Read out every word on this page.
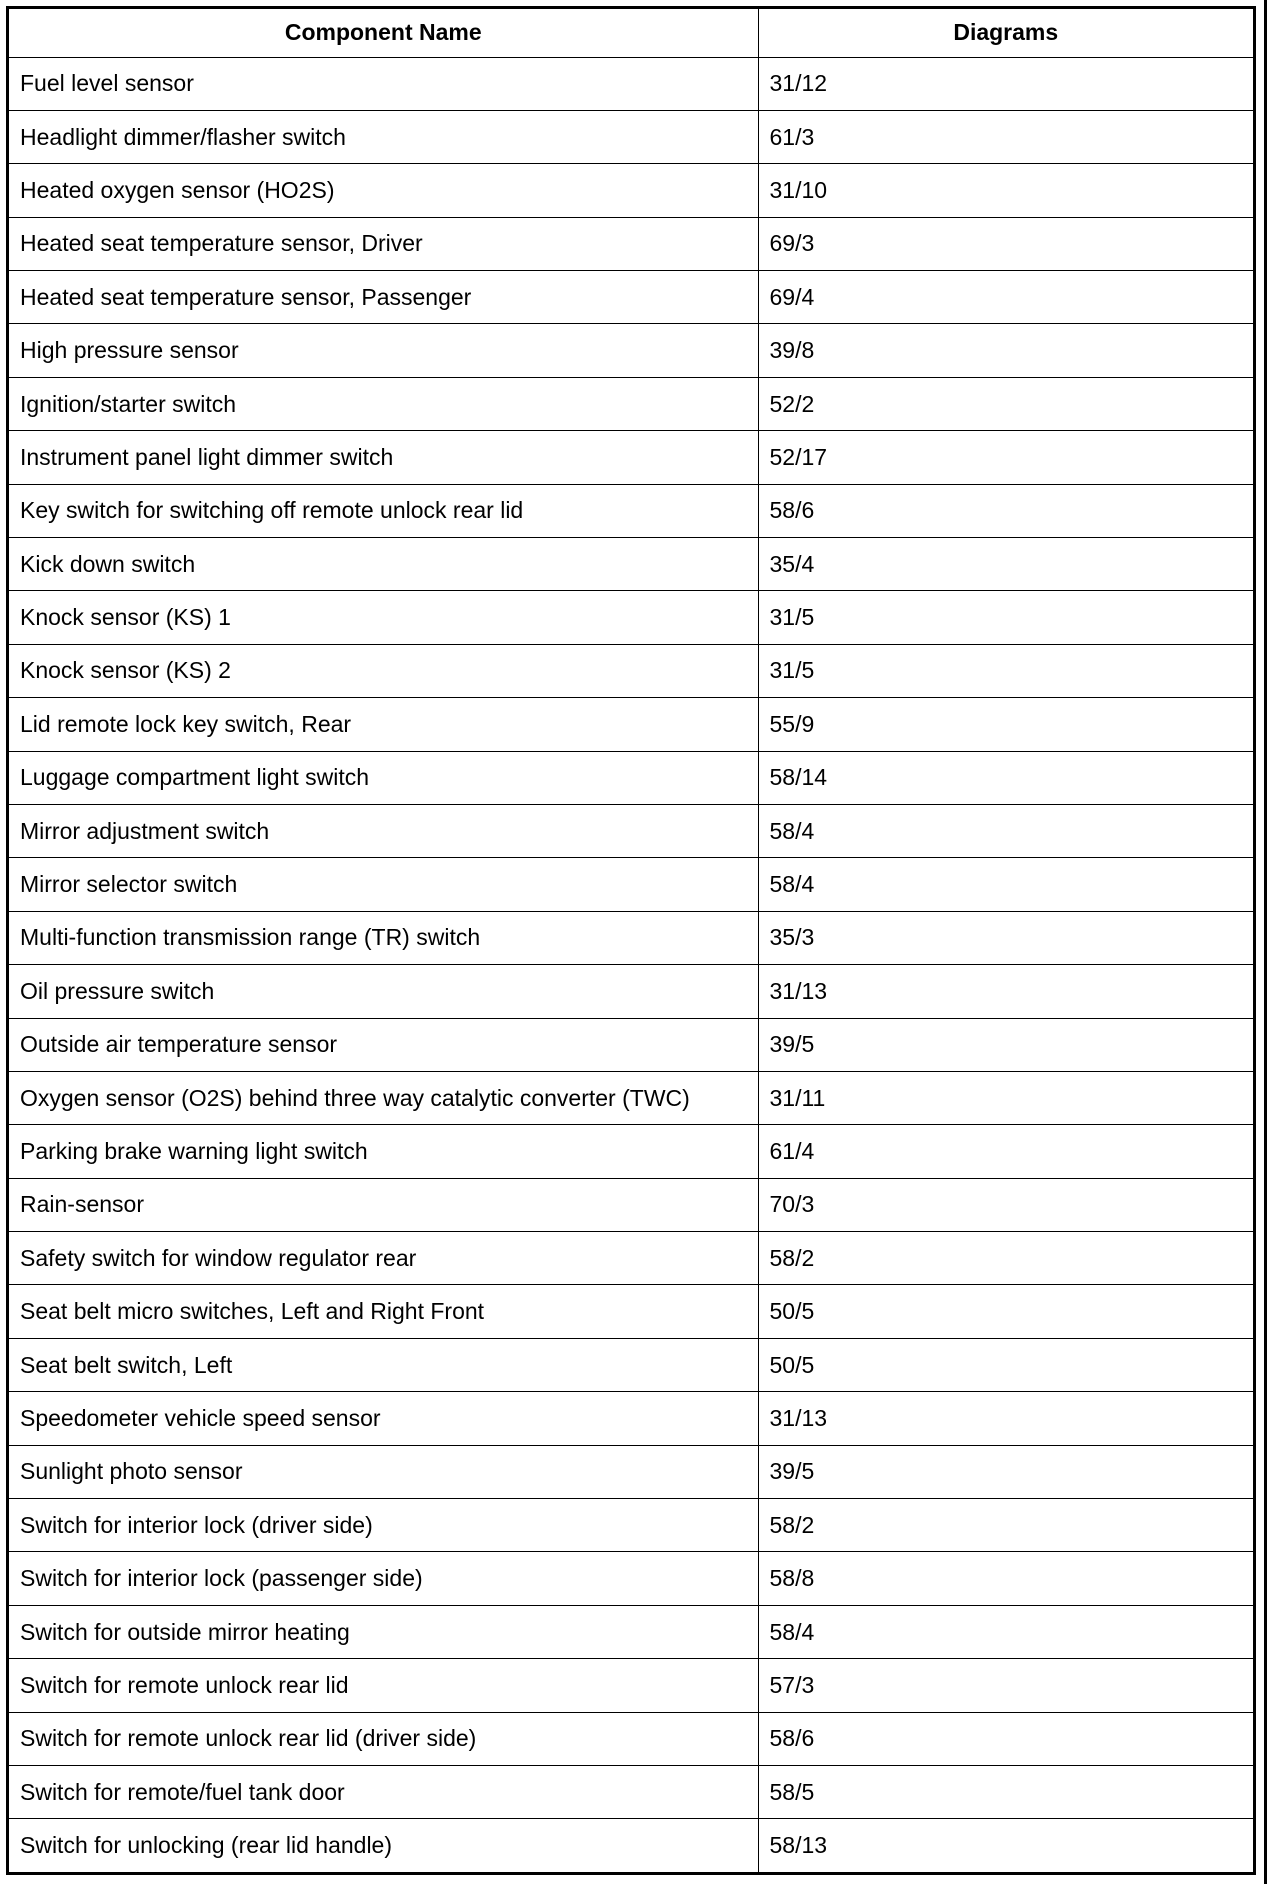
Component Name	Diagrams
Fuel level sensor	31/12
Headlight dimmer/flasher switch	61/3
Heated oxygen sensor (HO2S)	31/10
Heated seat temperature sensor, Driver	69/3
Heated seat temperature sensor, Passenger	69/4
High pressure sensor	39/8
Ignition/starter switch	52/2
Instrument panel light dimmer switch	52/17
Key switch for switching off remote unlock rear lid	58/6
Kick down switch	35/4
Knock sensor (KS) 1	31/5
Knock sensor (KS) 2	31/5
Lid remote lock key switch, Rear	55/9
Luggage compartment light switch	58/14
Mirror adjustment switch	58/4
Mirror selector switch	58/4
Multi-function transmission range (TR) switch	35/3
Oil pressure switch	31/13
Outside air temperature sensor	39/5
Oxygen sensor (O2S) behind three way catalytic converter (TWC)	31/11
Parking brake warning light switch	61/4
Rain-sensor	70/3
Safety switch for window regulator rear	58/2
Seat belt micro switches, Left and Right Front	50/5
Seat belt switch, Left	50/5
Speedometer vehicle speed sensor	31/13
Sunlight photo sensor	39/5
Switch for interior lock (driver side)	58/2
Switch for interior lock (passenger side)	58/8
Switch for outside mirror heating	58/4
Switch for remote unlock rear lid	57/3
Switch for remote unlock rear lid (driver side)	58/6
Switch for remote/fuel tank door	58/5
Switch for unlocking (rear lid handle)	58/13
